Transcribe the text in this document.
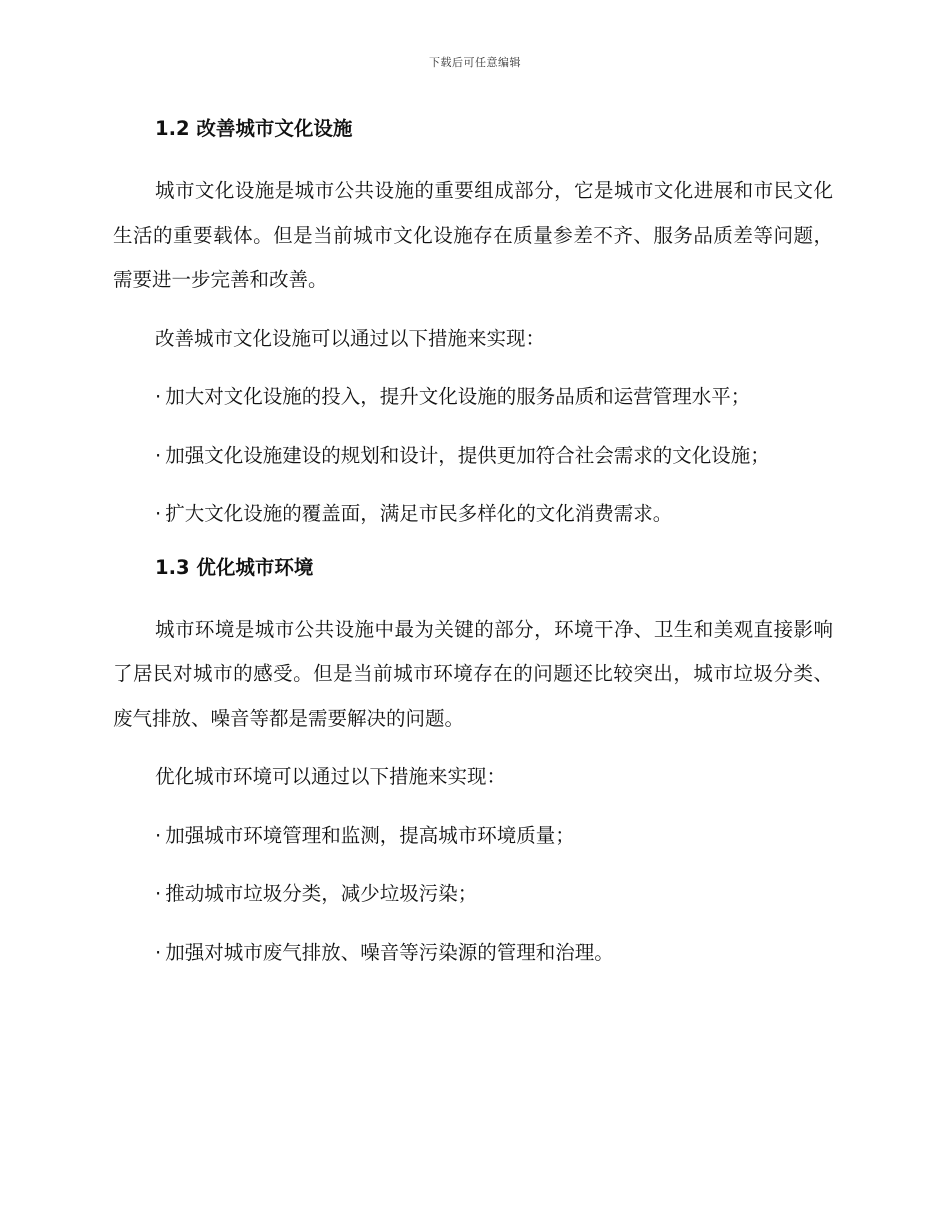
下载后可任意编辑
1.2 改善城市文化设施

城市文化设施是城市公共设施的重要组成部分，它是城市文化进展和市民文化生活的重要载体。但是当前城市文化设施存在质量参差不齐、服务品质差等问题，需要进一步完善和改善。

改善城市文化设施可以通过以下措施来实现：

· 加大对文化设施的投入，提升文化设施的服务品质和运营管理水平；

· 加强文化设施建设的规划和设计，提供更加符合社会需求的文化设施；

· 扩大文化设施的覆盖面，满足市民多样化的文化消费需求。

1.3 优化城市环境

城市环境是城市公共设施中最为关键的部分，环境干净、卫生和美观直接影响了居民对城市的感受。但是当前城市环境存在的问题还比较突出，城市垃圾分类、废气排放、噪音等都是需要解决的问题。

优化城市环境可以通过以下措施来实现：

· 加强城市环境管理和监测，提高城市环境质量；

· 推动城市垃圾分类，减少垃圾污染；

· 加强对城市废气排放、噪音等污染源的管理和治理。
